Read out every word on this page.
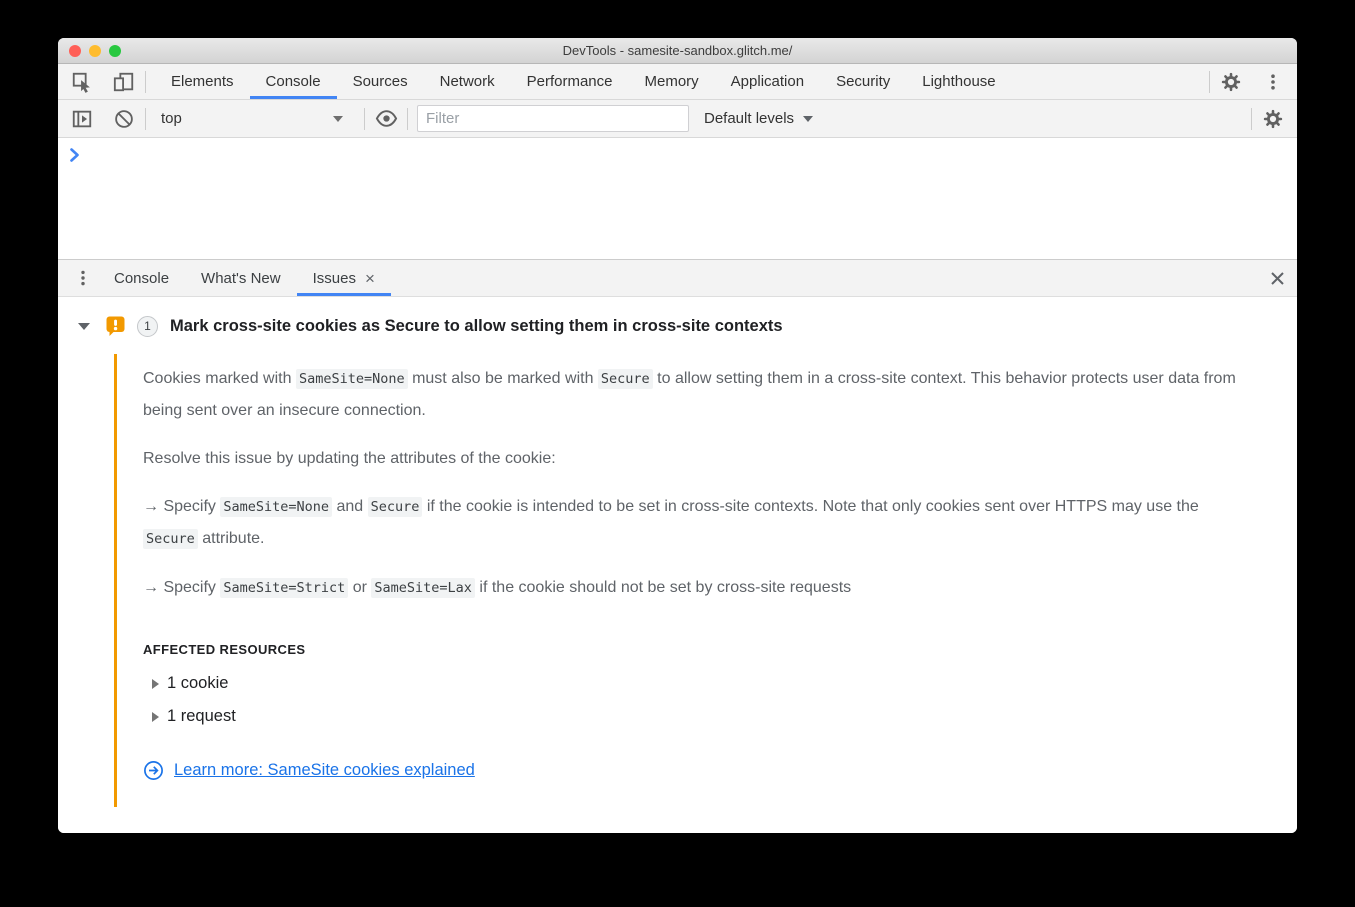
DevTools - samesite-sandbox.glitch.me/
Elements	Console	Sources	Network	Performance	Memory	Application	Security	Lighthouse
top
Filter	Default levels
Console	What's New	Issues ×
1	Mark cross-site cookies as Secure to allow setting them in cross-site contexts
Cookies marked with SameSite=None must also be marked with Secure to allow setting them in a cross-site context. This behavior protects user data from being sent over an insecure connection.
Resolve this issue by updating the attributes of the cookie:
→ Specify SameSite=None and Secure if the cookie is intended to be set in cross-site contexts. Note that only cookies sent over HTTPS may use the Secure attribute.
→ Specify SameSite=Strict or SameSite=Lax if the cookie should not be set by cross-site requests
AFFECTED RESOURCES
1 cookie
1 request
Learn more: SameSite cookies explained
